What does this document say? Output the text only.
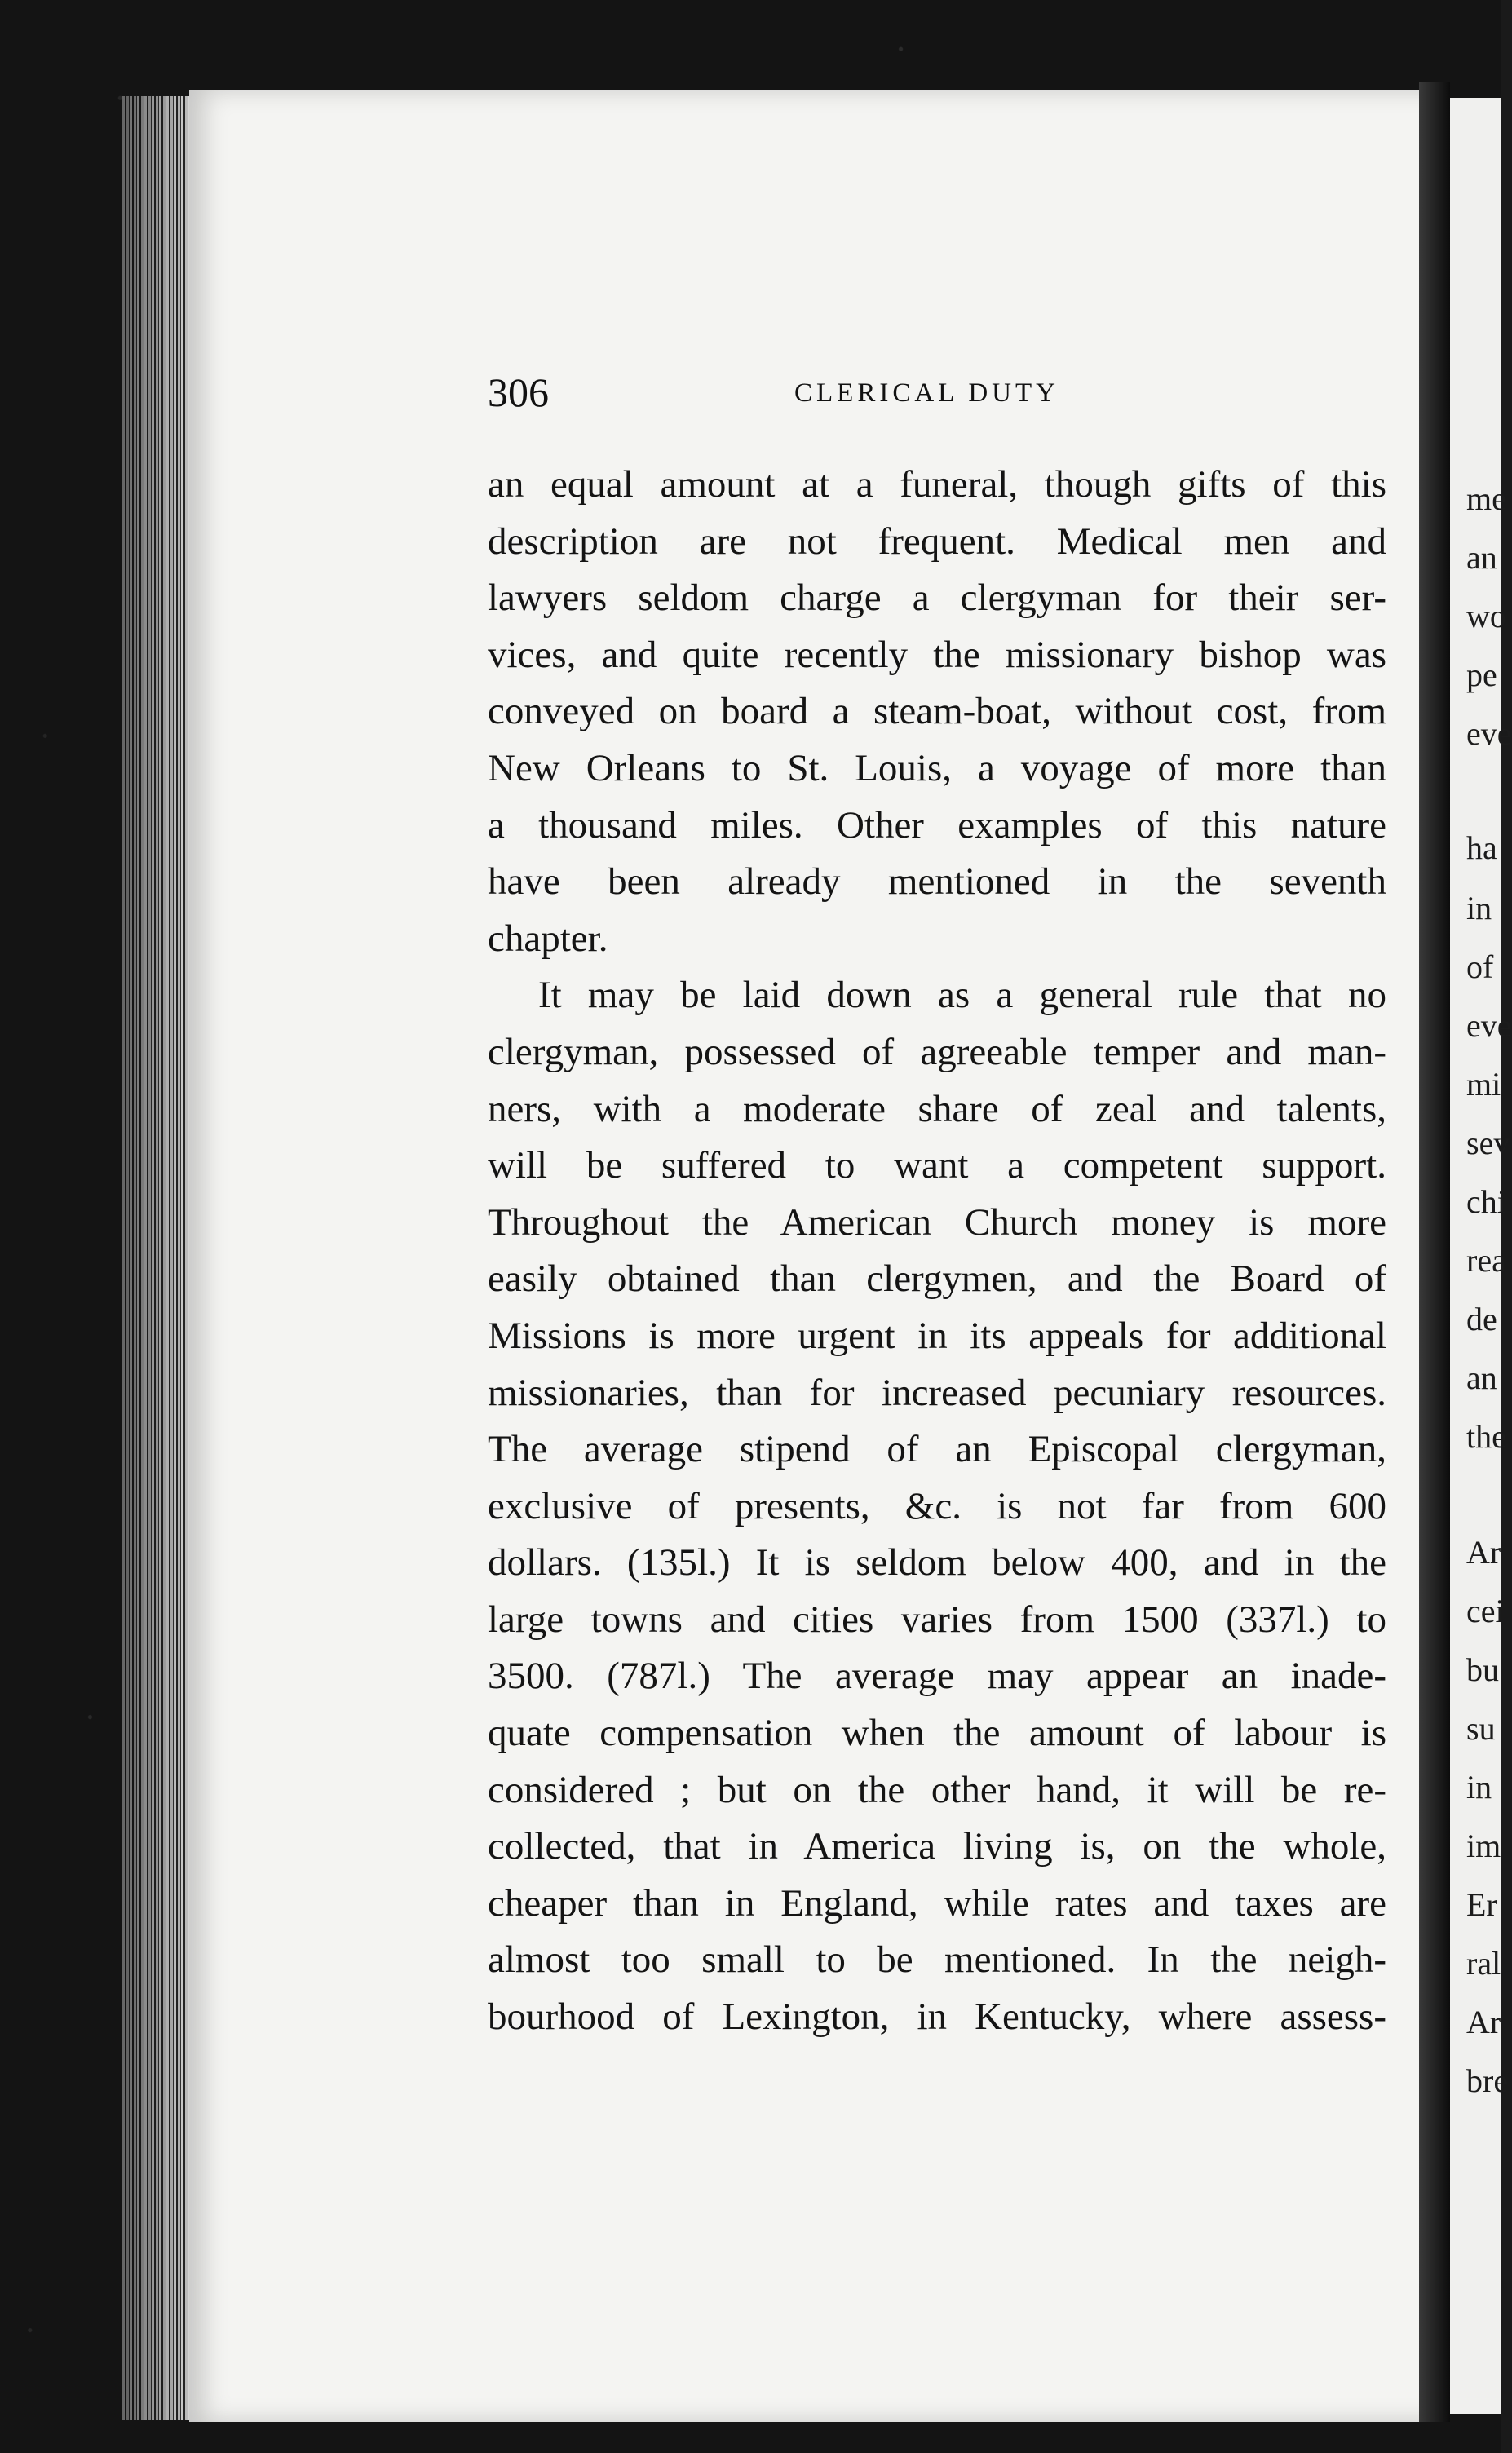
306	CLERICAL DUTY
an equal amount at a funeral, though gifts of this
description are not frequent. Medical men and
lawyers seldom charge a clergyman for their ser-
vices, and quite recently the missionary bishop was
conveyed on board a steam-boat, without cost, from
New Orleans to St. Louis, a voyage of more than
a thousand miles. Other examples of this nature
have been already mentioned in the seventh
chapter.
It may be laid down as a general rule that no
clergyman, possessed of agreeable temper and man-
ners, with a moderate share of zeal and talents,
will be suffered to want a competent support.
Throughout the American Church money is more
easily obtained than clergymen, and the Board of
Missions is more urgent in its appeals for additional
missionaries, than for increased pecuniary resources.
The average stipend of an Episcopal clergyman,
exclusive of presents, &c. is not far from 600
dollars. (135l.) It is seldom below 400, and in the
large towns and cities varies from 1500 (337l.) to
3500. (787l.) The average may appear an inade-
quate compensation when the amount of labour is
considered ; but on the other hand, it will be re-
collected, that in America living is, on the whole,
cheaper than in England, while rates and taxes are
almost too small to be mentioned. In the neigh-
bourhood of Lexington, in Kentucky, where assess-
me
an
wo
pe
eve
ha
in
of
eve
mi
sev
chi
rea
de
an
the
Ar
cei
bu
su
in
im
Er
ral
Ar
bre
